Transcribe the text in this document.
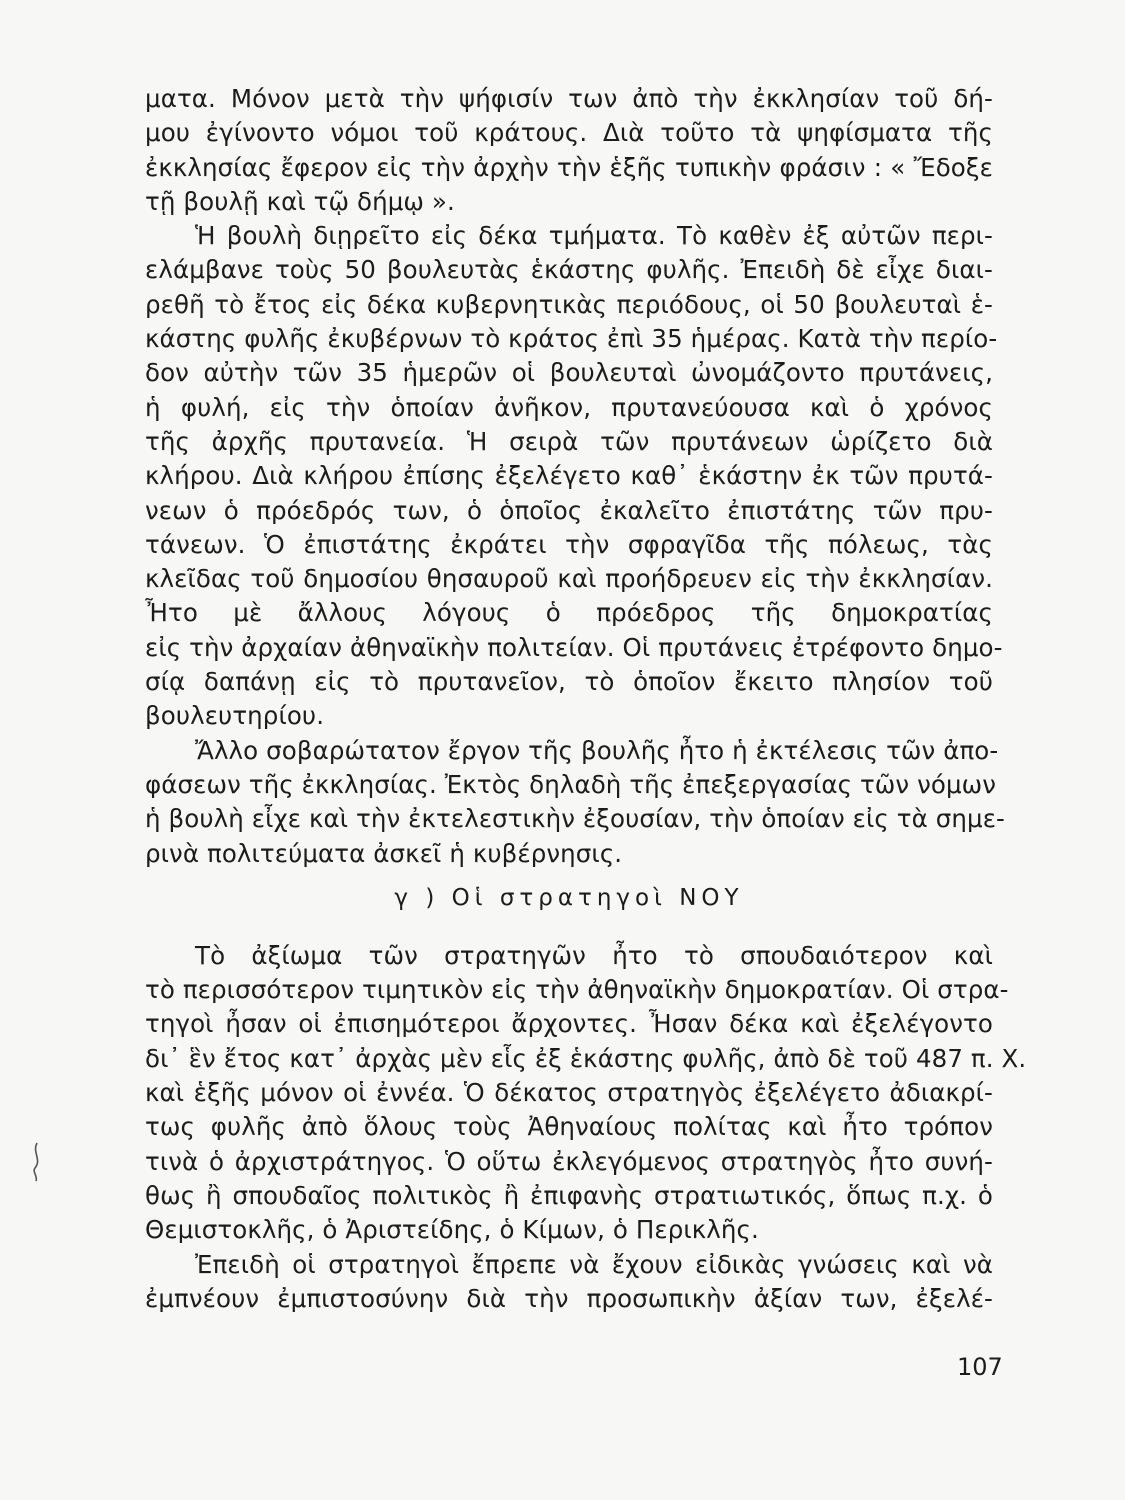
ματα. Μόνον μετὰ τὴν ψήφισίν των ἀπὸ τὴν ἐκκλησίαν τοῦ δή-
μου ἐγίνοντο νόμοι τοῦ κράτους. Διὰ τοῦτο τὰ ψηφίσματα τῆς
ἐκκλησίας ἔφερον εἰς τὴν ἀρχὴν τὴν ἑξῆς τυπικὴν φράσιν : « Ἔδοξε
τῇ βουλῇ καὶ τῷ δήμῳ ».
Ἡ βουλὴ διῃρεῖτο εἰς δέκα τμήματα. Τὸ καθὲν ἐξ αὐτῶν περι-
ελάμβανε τοὺς 50 βουλευτὰς ἑκάστης φυλῆς. Ἐπειδὴ δὲ εἶχε διαι-
ρεθῆ τὸ ἔτος εἰς δέκα κυβερνητικὰς περιόδους, οἱ 50 βουλευταὶ ἑ-
κάστης φυλῆς ἐκυβέρνων τὸ κράτος ἐπὶ 35 ἡμέρας. Κατὰ τὴν περίο-
δον αὐτὴν τῶν 35 ἡμερῶν οἱ βουλευταὶ ὠνομάζοντο πρυτάνεις,
ἡ φυλή, εἰς τὴν ὁποίαν ἀνῆκον, πρυτανεύουσα καὶ ὁ χρόνος
τῆς ἀρχῆς πρυτανεία. Ἡ σειρὰ τῶν πρυτάνεων ὡρίζετο διὰ
κλήρου. Διὰ κλήρου ἐπίσης ἐξελέγετο καθ᾽ ἑκάστην ἐκ τῶν πρυτά-
νεων ὁ πρόεδρός των, ὁ ὁποῖος ἐκαλεῖτο ἐπιστάτης τῶν πρυ-
τάνεων. Ὁ ἐπιστάτης ἐκράτει τὴν σφραγῖδα τῆς πόλεως, τὰς
κλεῖδας τοῦ δημοσίου θησαυροῦ καὶ προήδρευεν εἰς τὴν ἐκκλησίαν.
Ἦτο μὲ ἄλλους λόγους ὁ πρόεδρος τῆς δημοκρατίας
εἰς τὴν ἀρχαίαν ἀθηναϊκὴν πολιτείαν. Οἱ πρυτάνεις ἐτρέφοντο δημο-
σίᾳ δαπάνῃ εἰς τὸ πρυτανεῖον, τὸ ὁποῖον ἔκειτο πλησίον τοῦ
βουλευτηρίου.
Ἄλλο σοβαρώτατον ἔργον τῆς βουλῆς ἦτο ἡ ἐκτέλεσις τῶν ἀπο-
φάσεων τῆς ἐκκλησίας. Ἐκτὸς δηλαδὴ τῆς ἐπεξεργασίας τῶν νόμων
ἡ βουλὴ εἶχε καὶ τὴν ἐκτελεστικὴν ἐξουσίαν, τὴν ὁποίαν εἰς τὰ σημε-
ρινὰ πολιτεύματα ἀσκεῖ ἡ κυβέρνησις.
γ ) Οἱ στρατηγοὶ ΝΟΥ
Τὸ ἀξίωμα τῶν στρατηγῶν ἦτο τὸ σπουδαιότερον καὶ
τὸ περισσότερον τιμητικὸν εἰς τὴν ἀθηναϊκὴν δημοκρατίαν. Οἱ στρα-
τηγοὶ ἦσαν οἱ ἐπισημότεροι ἄρχοντες. Ἦσαν δέκα καὶ ἐξελέγοντο
δι᾽ ἓν ἔτος κατ᾽ ἀρχὰς μὲν εἷς ἐξ ἑκάστης φυλῆς, ἀπὸ δὲ τοῦ 487 π. Χ.
καὶ ἑξῆς μόνον οἱ ἐννέα. Ὁ δέκατος στρατηγὸς ἐξελέγετο ἀδιακρί-
τως φυλῆς ἀπὸ ὅλους τοὺς Ἀθηναίους πολίτας καὶ ἦτο τρόπον
τινὰ ὁ ἀρχιστράτηγος. Ὁ οὕτω ἐκλεγόμενος στρατηγὸς ἦτο συνή-
θως ἢ σπουδαῖος πολιτικὸς ἢ ἐπιφανὴς στρατιωτικός, ὅπως π.χ. ὁ
Θεμιστοκλῆς, ὁ Ἀριστείδης, ὁ Κίμων, ὁ Περικλῆς.
Ἐπειδὴ οἱ στρατηγοὶ ἔπρεπε νὰ ἔχουν εἰδικὰς γνώσεις καὶ νὰ
ἐμπνέουν ἐμπιστοσύνην διὰ τὴν προσωπικὴν ἀξίαν των, ἐξελέ-
107
